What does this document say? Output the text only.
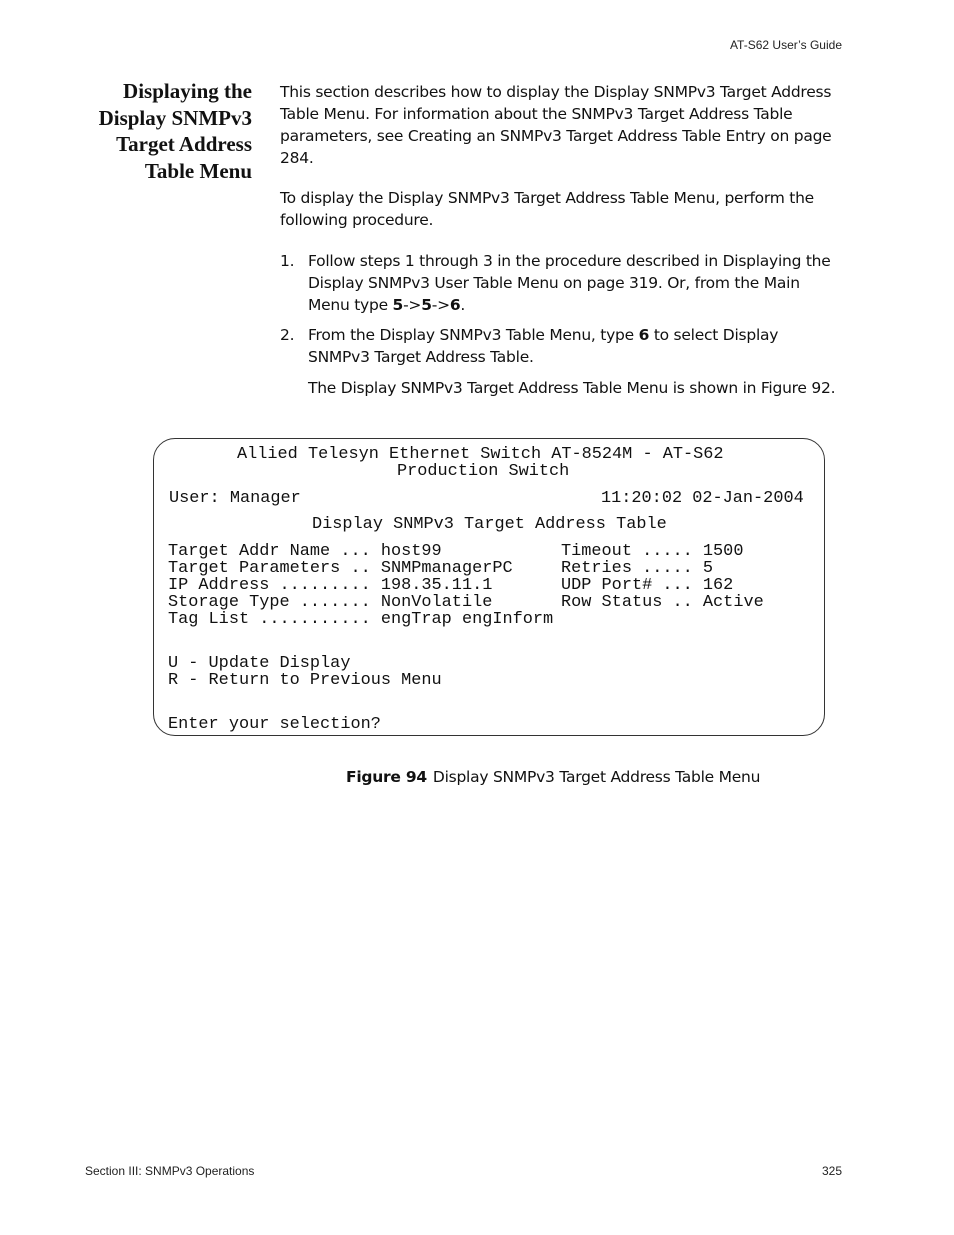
AT-S62 User’s Guide
Displaying the
Display SNMPv3
Target Address
Table Menu
This section describes how to display the Display SNMPv3 Target Address Table Menu. For information about the SNMPv3 Target Address Table parameters, see Creating an SNMPv3 Target Address Table Entry on page 284.
To display the Display SNMPv3 Target Address Table Menu, perform the following procedure.
1. Follow steps 1 through 3 in the procedure described in Displaying the Display SNMPv3 User Table Menu on page 319. Or, from the Main Menu type 5->5->6.
2. From the Display SNMPv3 Table Menu, type 6 to select Display SNMPv3 Target Address Table.
The Display SNMPv3 Target Address Table Menu is shown in Figure 92.
Allied Telesyn Ethernet Switch AT-8524M - AT-S62
Production Switch
User: Manager	11:20:02 02-Jan-2004
Display SNMPv3 Target Address Table
Target Addr Name ... host99
Target Parameters .. SNMPmanagerPC
IP Address ......... 198.35.11.1
Storage Type ....... NonVolatile
Tag List ........... engTrap engInform
Timeout ..... 1500
Retries ..... 5
UDP Port# ... 162
Row Status .. Active
U - Update Display
R - Return to Previous Menu
Enter your selection?
Figure 94 Display SNMPv3 Target Address Table Menu
Section III: SNMPv3 Operations	325
